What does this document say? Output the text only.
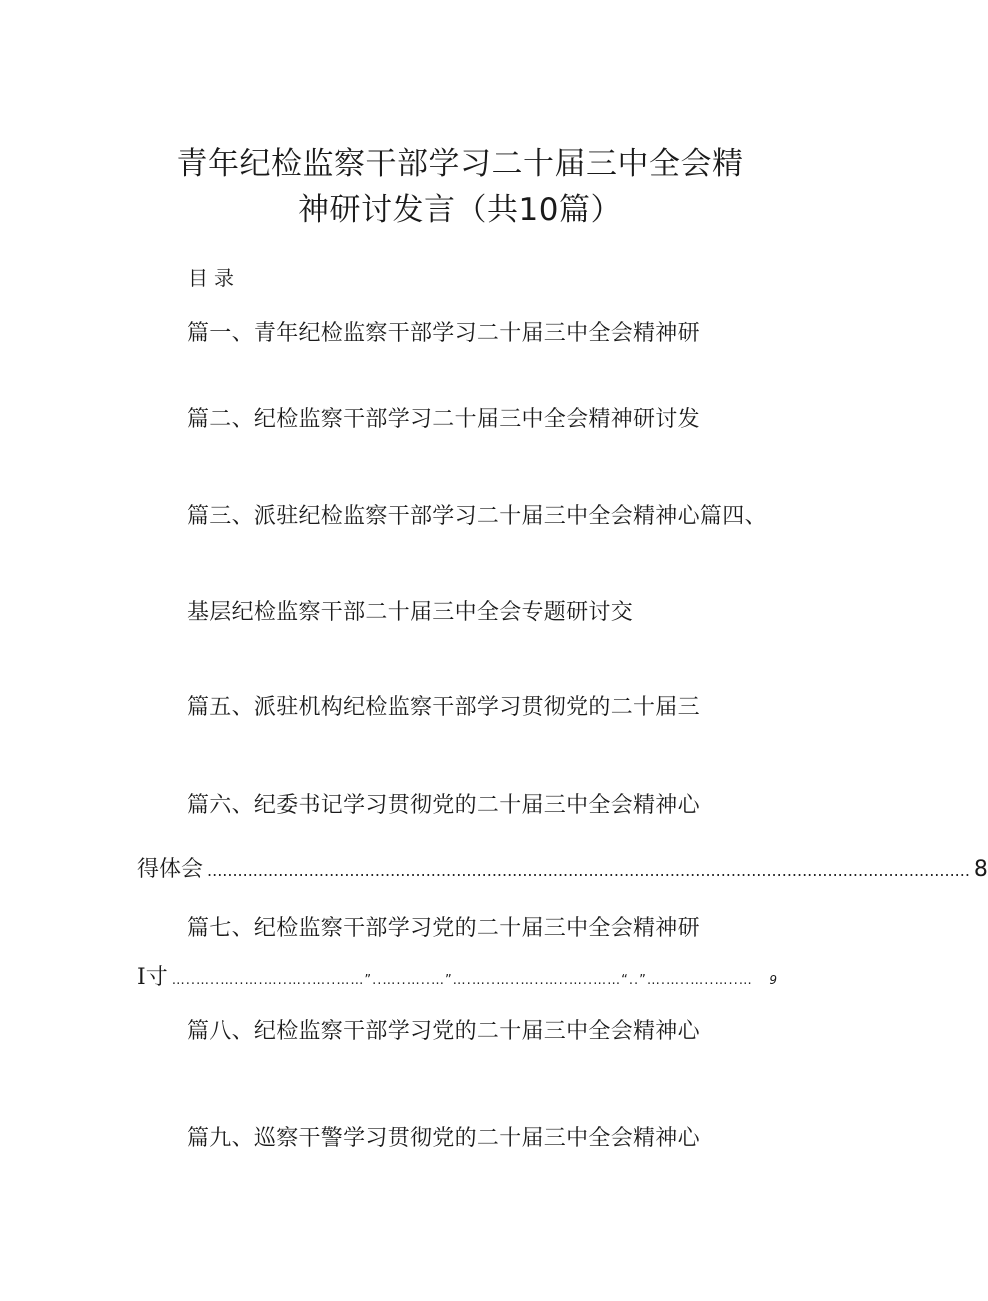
青年纪检监察干部学习二十届三中全会精
神研讨发言（共10篇）
目录
篇一、青年纪检监察干部学习二十届三中全会精神研
篇二、纪检监察干部学习二十届三中全会精神研讨发
篇三、派驻纪检监察干部学习二十届三中全会精神心篇四、
基层纪检监察干部二十届三中全会专题研讨交
篇五、派驻机构纪检监察干部学习贯彻党的二十届三
篇六、纪委书记学习贯彻党的二十届三中全会精神心
得体会 ...................................................................................................................................................... 8
篇七、纪检监察干部学习党的二十届三中全会精神研
I寸 …..…..…..….…..…..…..……”..…..…..…”….…..…..…..…..…..……“..”….…..…..…..…	9
篇八、纪检监察干部学习党的二十届三中全会精神心
篇九、巡察干警学习贯彻党的二十届三中全会精神心
